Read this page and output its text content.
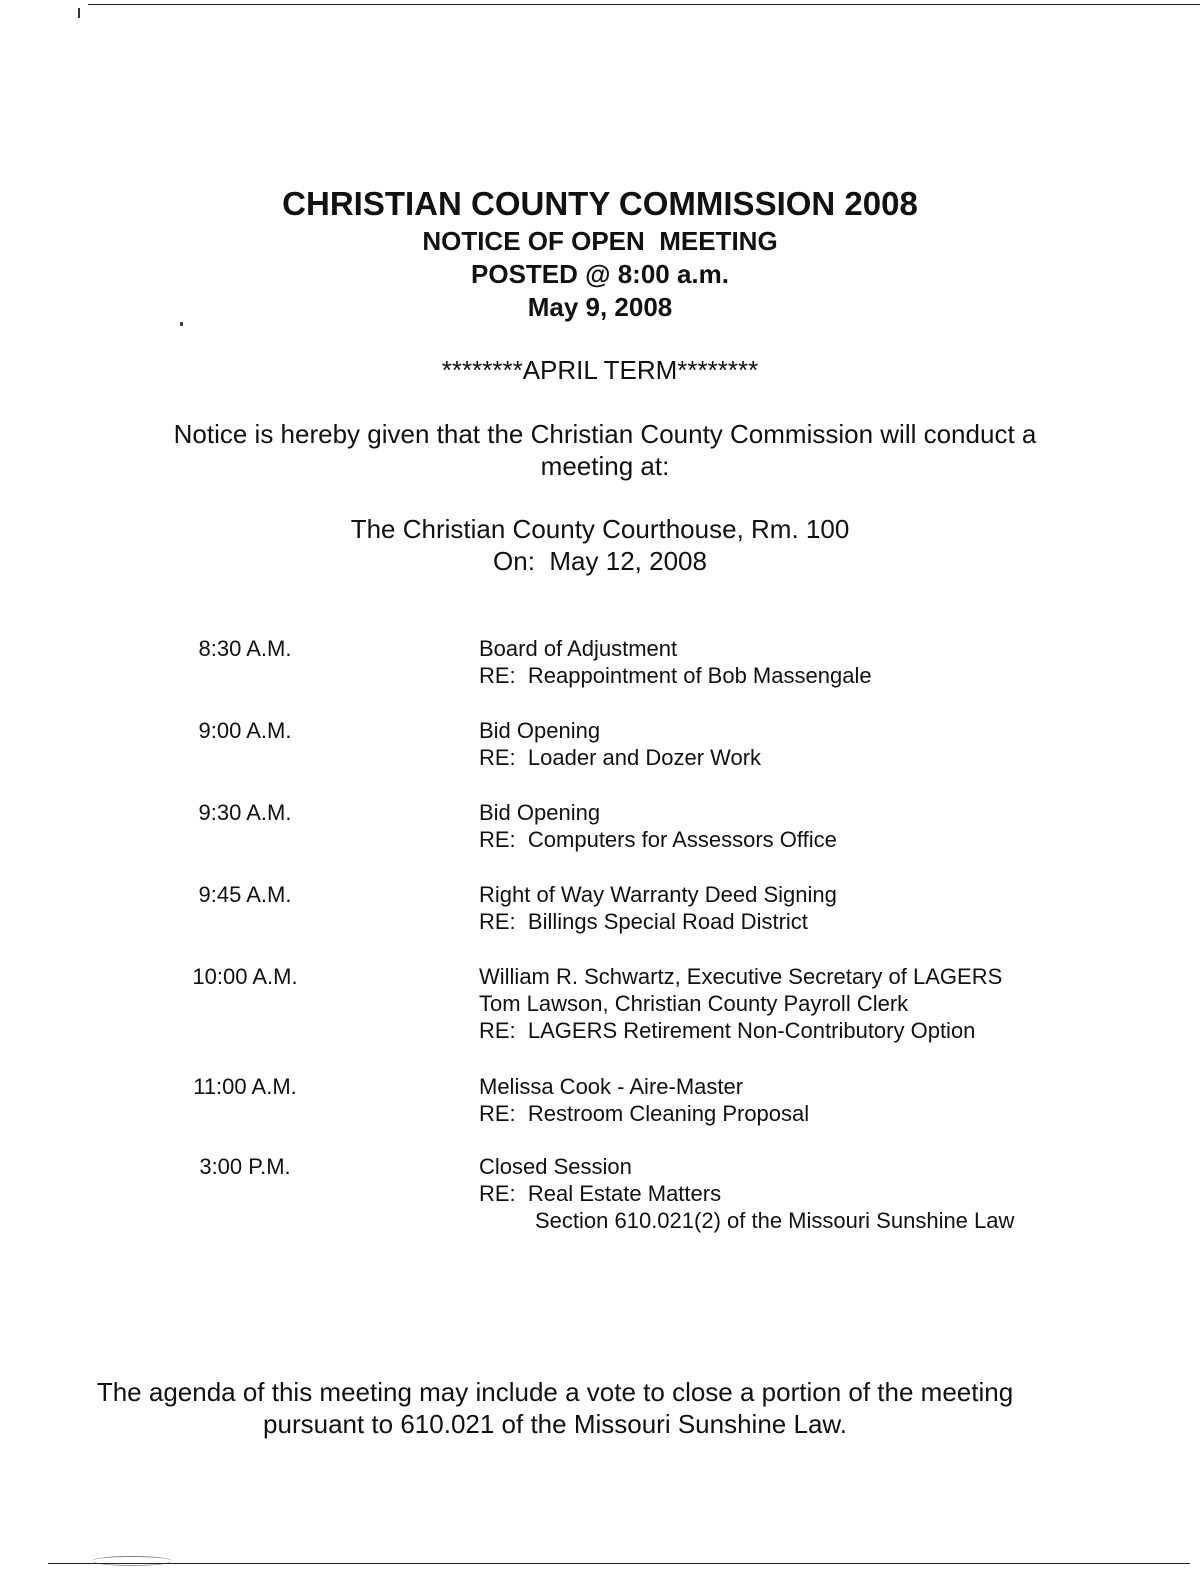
CHRISTIAN COUNTY COMMISSION 2008
NOTICE OF OPEN  MEETING
POSTED @ 8:00 a.m.
May 9, 2008
********APRIL TERM********
Notice is hereby given that the Christian County Commission will conduct a meeting at:
The Christian County Courthouse, Rm. 100
On:  May 12, 2008
8:30 A.M.	Board of Adjustment
RE:  Reappointment of Bob Massengale
9:00 A.M.	Bid Opening
RE:  Loader and Dozer Work
9:30 A.M.	Bid Opening
RE:  Computers for Assessors Office
9:45 A.M.	Right of Way Warranty Deed Signing
RE:  Billings Special Road District
10:00 A.M.	William R. Schwartz, Executive Secretary of LAGERS
Tom Lawson, Christian County Payroll Clerk
RE:  LAGERS Retirement Non-Contributory Option
11:00 A.M.	Melissa Cook - Aire-Master
RE:  Restroom Cleaning Proposal
3:00 P.M.	Closed Session
RE:  Real Estate Matters
Section 610.021(2) of the Missouri Sunshine Law
The agenda of this meeting may include a vote to close a portion of the meeting
pursuant to 610.021 of the Missouri Sunshine Law.
